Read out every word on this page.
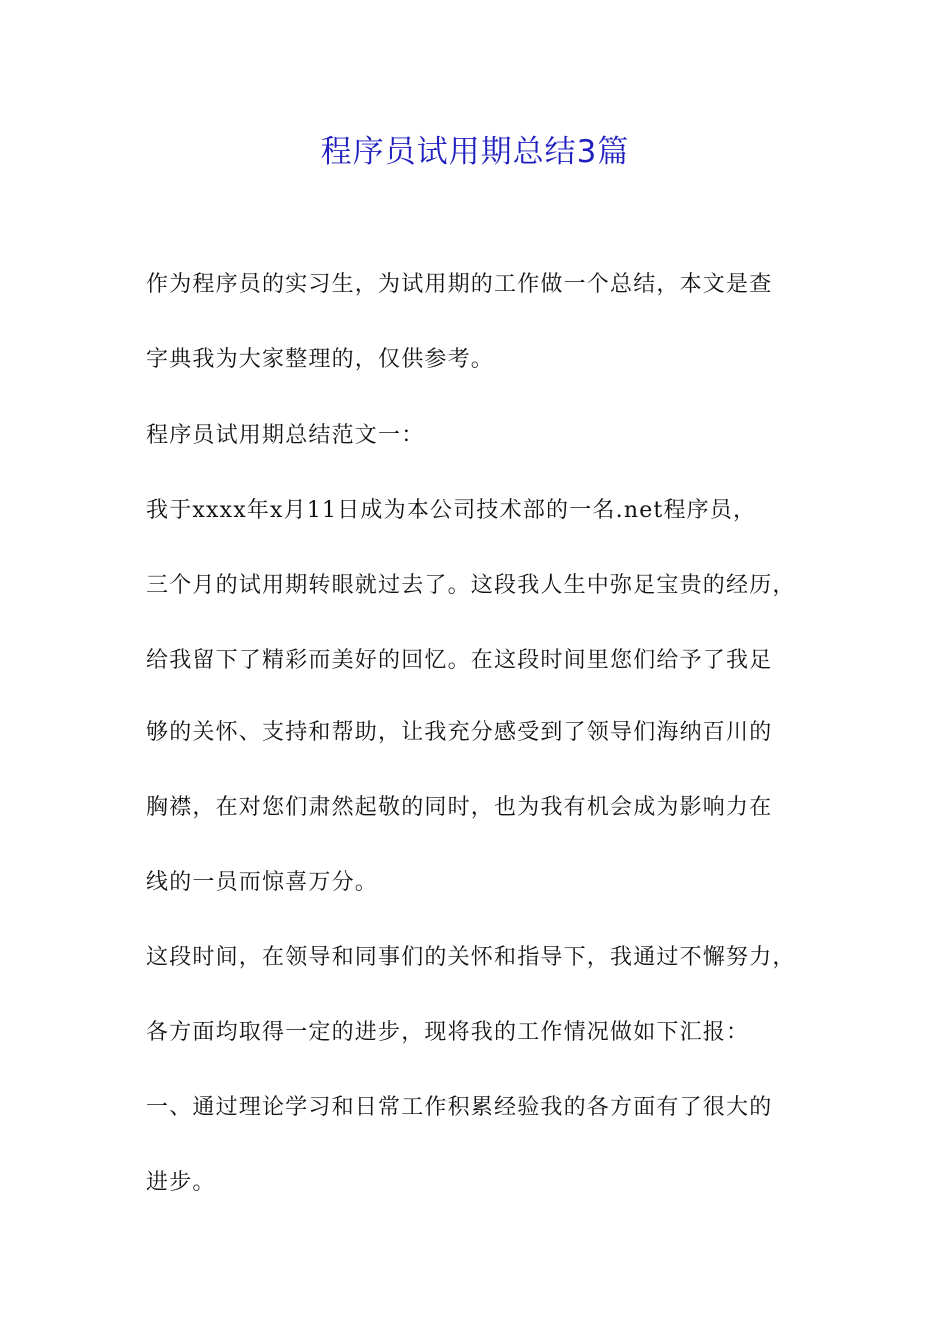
程序员试用期总结3篇
作为程序员的实习生，为试用期的工作做一个总结，本文是查
字典我为大家整理的，仅供参考。
程序员试用期总结范文一：
我于xxxx年x月11日成为本公司技术部的一名.net程序员，
三个月的试用期转眼就过去了。这段我人生中弥足宝贵的经历，
给我留下了精彩而美好的回忆。在这段时间里您们给予了我足
够的关怀、支持和帮助，让我充分感受到了领导们海纳百川的
胸襟，在对您们肃然起敬的同时，也为我有机会成为影响力在
线的一员而惊喜万分。
这段时间，在领导和同事们的关怀和指导下，我通过不懈努力，
各方面均取得一定的进步，现将我的工作情况做如下汇报：
一、通过理论学习和日常工作积累经验我的各方面有了很大的
进步。
